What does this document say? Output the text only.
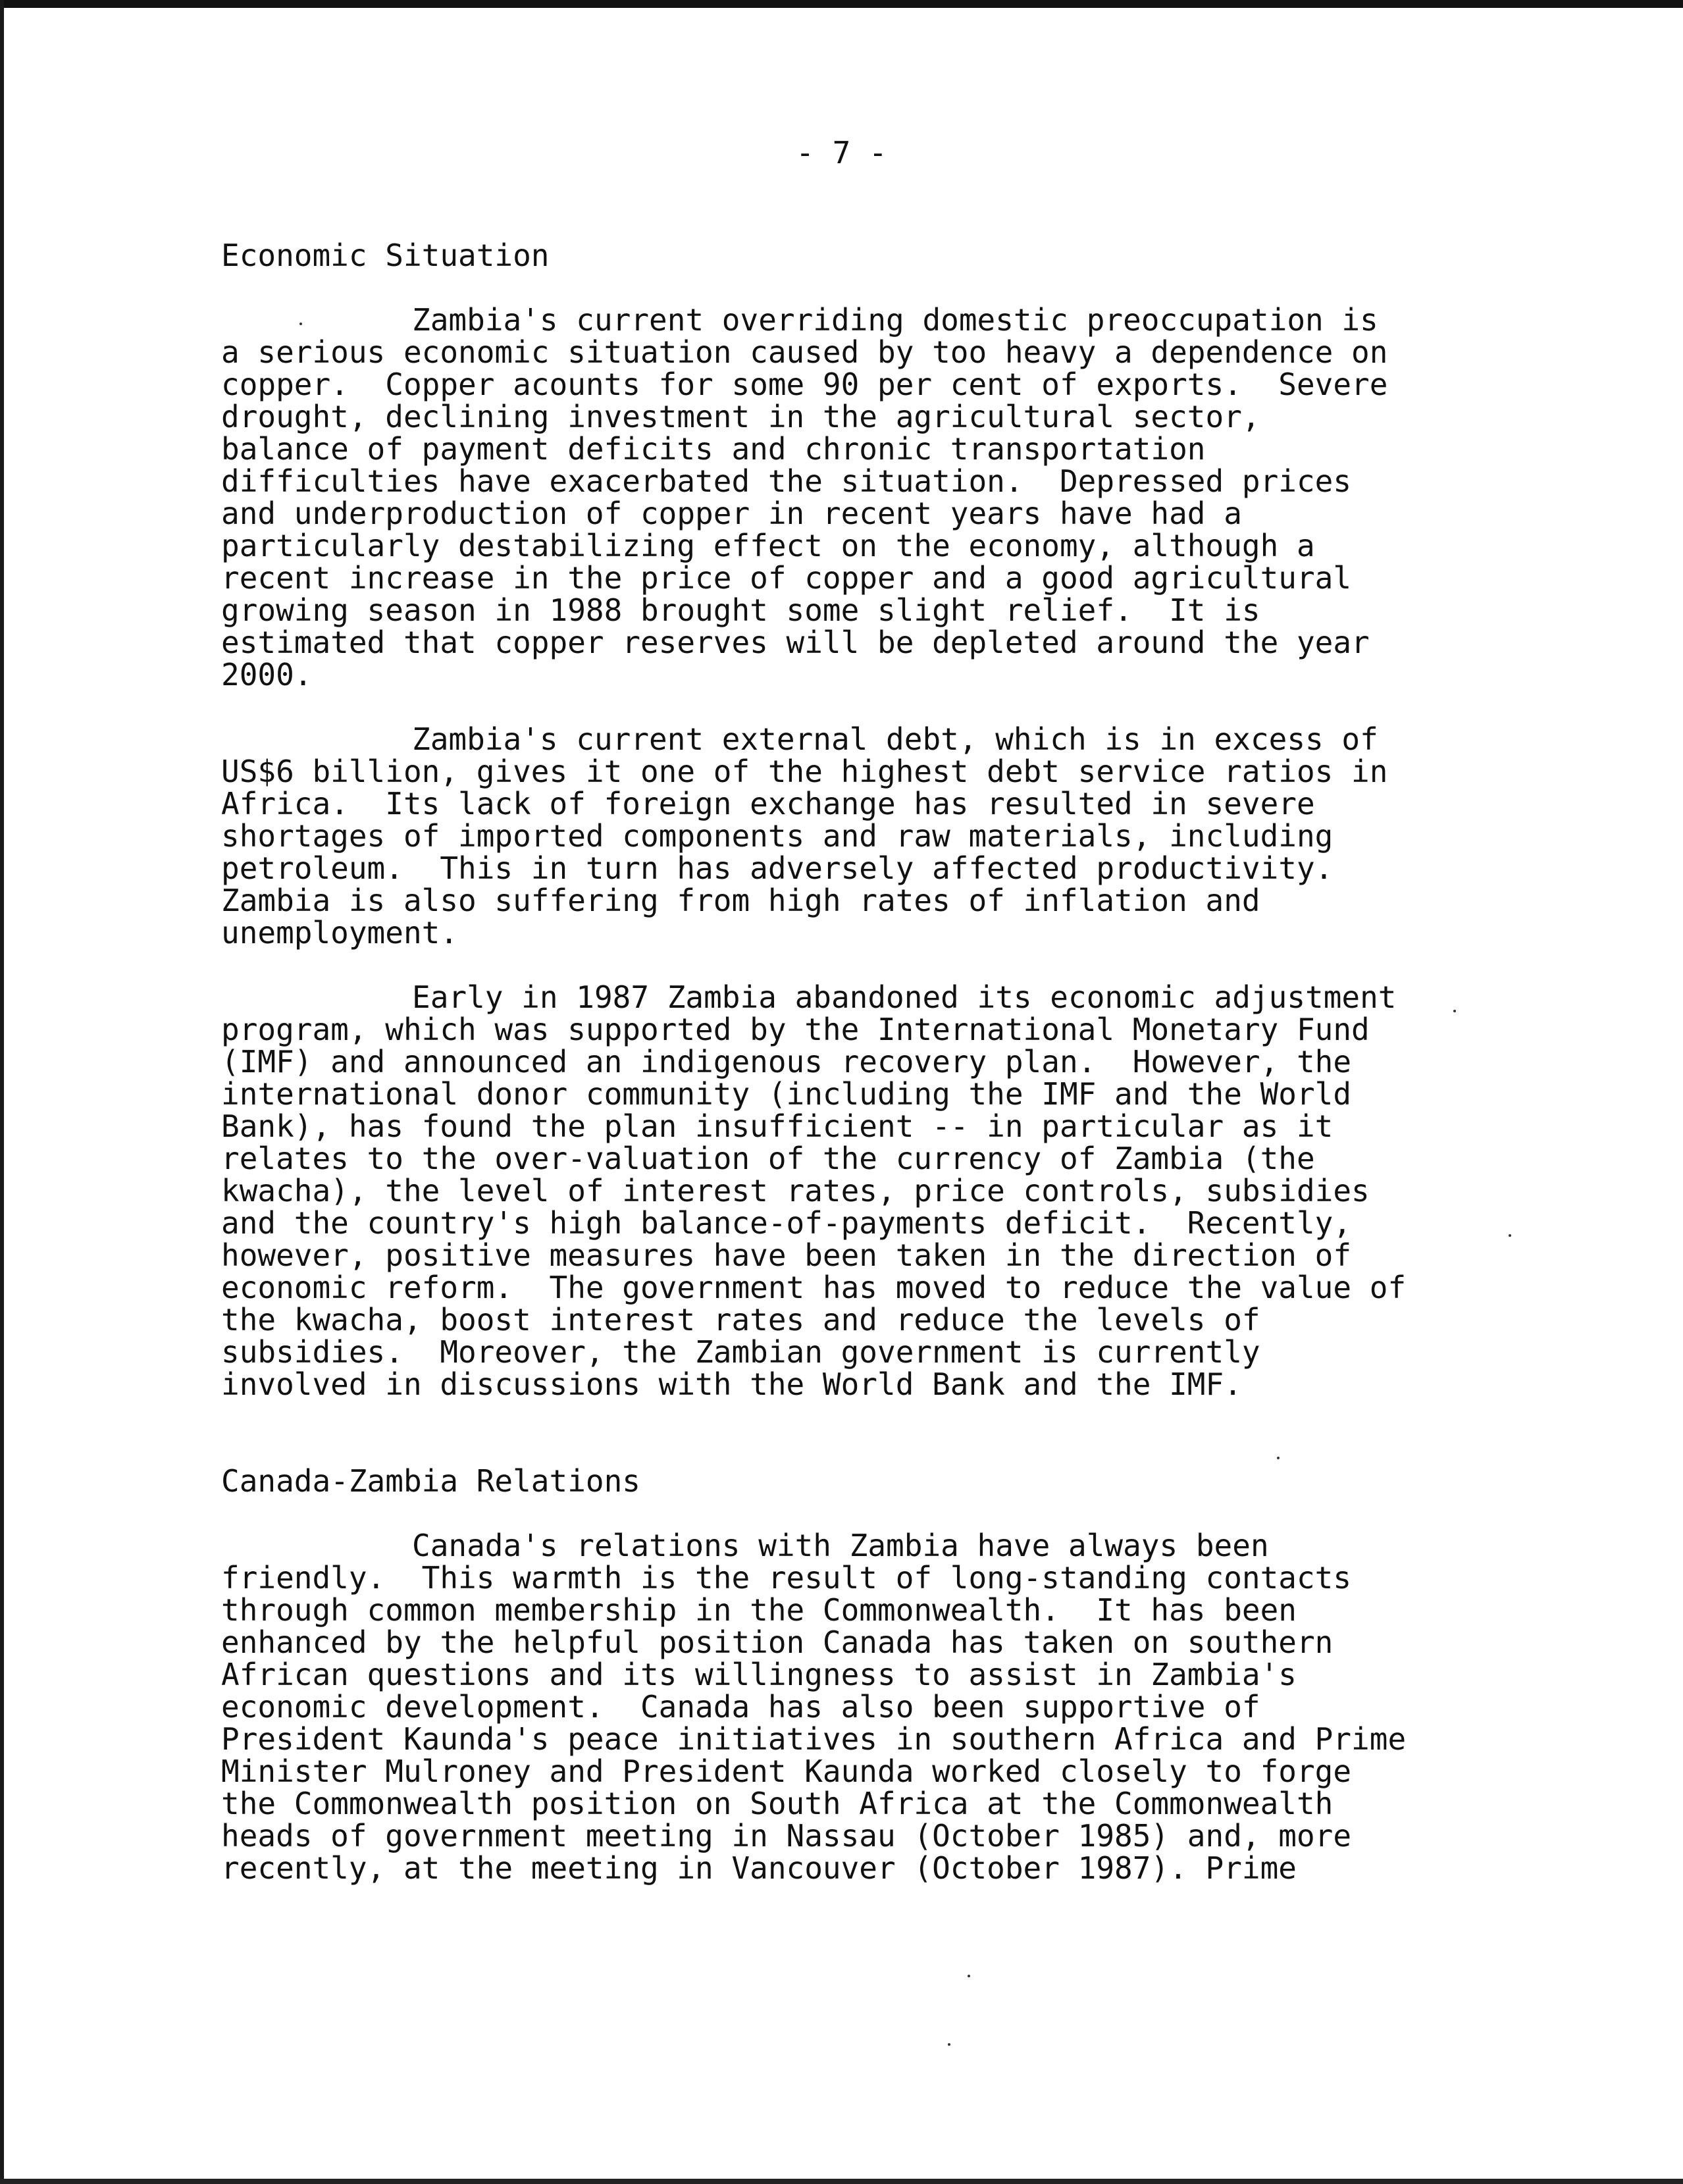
- 7 -

Economic Situation
Zambia's current overriding domestic preoccupation is
a serious economic situation caused by too heavy a dependence on
copper.  Copper acounts for some 90 per cent of exports.  Severe
drought, declining investment in the agricultural sector,
balance of payment deficits and chronic transportation
difficulties have exacerbated the situation.  Depressed prices
and underproduction of copper in recent years have had a
particularly destabilizing effect on the economy, although a
recent increase in the price of copper and a good agricultural
growing season in 1988 brought some slight relief.  It is
estimated that copper reserves will be depleted around the year
2000.
Zambia's current external debt, which is in excess of
US$6 billion, gives it one of the highest debt service ratios in
Africa.  Its lack of foreign exchange has resulted in severe
shortages of imported components and raw materials, including
petroleum.  This in turn has adversely affected productivity.
Zambia is also suffering from high rates of inflation and
unemployment.
Early in 1987 Zambia abandoned its economic adjustment
program, which was supported by the International Monetary Fund
(IMF) and announced an indigenous recovery plan.  However, the
international donor community (including the IMF and the World
Bank), has found the plan insufficient -- in particular as it
relates to the over-valuation of the currency of Zambia (the
kwacha), the level of interest rates, price controls, subsidies
and the country's high balance-of-payments deficit.  Recently,
however, positive measures have been taken in the direction of
economic reform.  The government has moved to reduce the value of
the kwacha, boost interest rates and reduce the levels of
subsidies.  Moreover, the Zambian government is currently
involved in discussions with the World Bank and the IMF.
Canada-Zambia Relations
Canada's relations with Zambia have always been
friendly.  This warmth is the result of long-standing contacts
through common membership in the Commonwealth.  It has been
enhanced by the helpful position Canada has taken on southern
African questions and its willingness to assist in Zambia's
economic development.  Canada has also been supportive of
President Kaunda's peace initiatives in southern Africa and Prime
Minister Mulroney and President Kaunda worked closely to forge
the Commonwealth position on South Africa at the Commonwealth
heads of government meeting in Nassau (October 1985) and, more
recently, at the meeting in Vancouver (October 1987). Prime
